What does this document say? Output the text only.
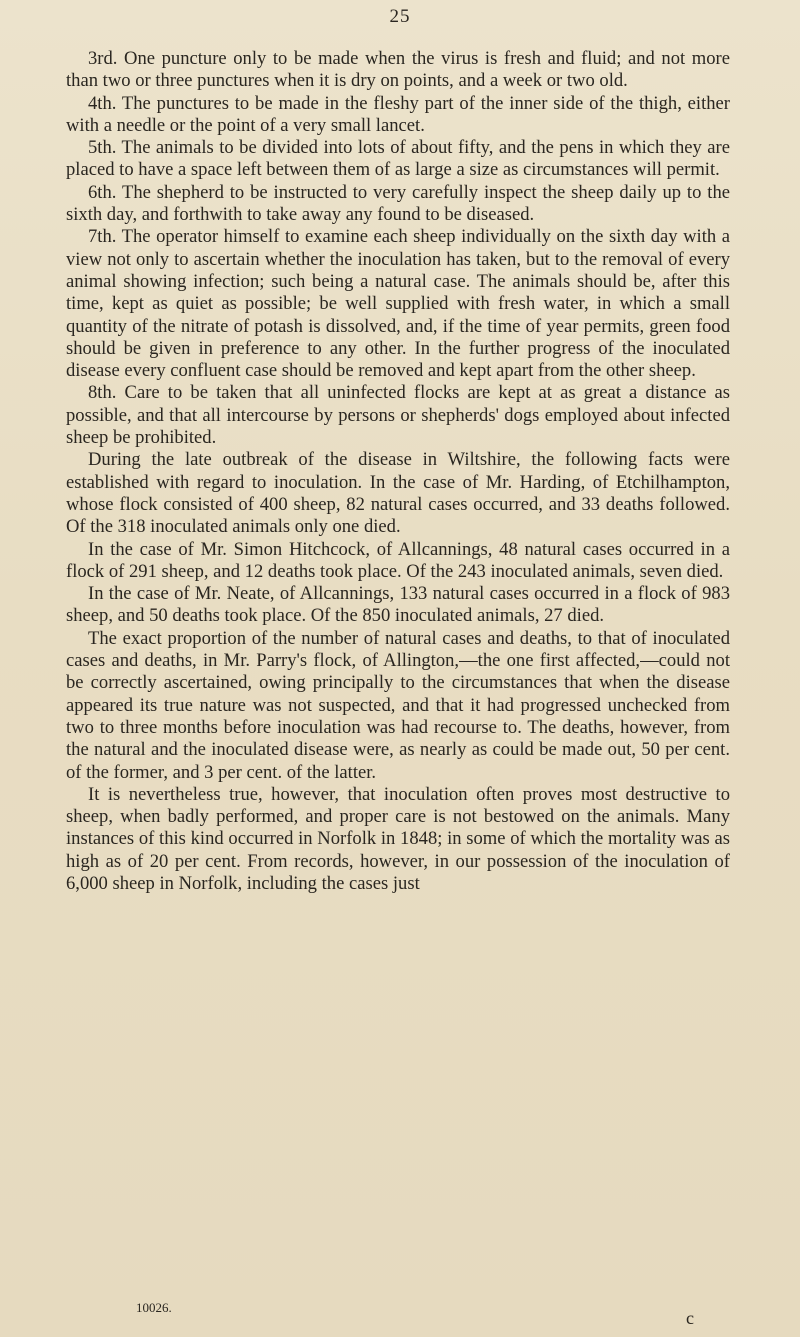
25

3rd. One puncture only to be made when the virus is fresh and fluid; and not more than two or three punctures when it is dry on points, and a week or two old.

4th. The punctures to be made in the fleshy part of the inner side of the thigh, either with a needle or the point of a very small lancet.

5th. The animals to be divided into lots of about fifty, and the pens in which they are placed to have a space left between them of as large a size as circumstances will permit.

6th. The shepherd to be instructed to very carefully inspect the sheep daily up to the sixth day, and forthwith to take away any found to be diseased.

7th. The operator himself to examine each sheep individually on the sixth day with a view not only to ascertain whether the inoculation has taken, but to the removal of every animal showing infection; such being a natural case. The animals should be, after this time, kept as quiet as possible; be well supplied with fresh water, in which a small quantity of the nitrate of potash is dissolved, and, if the time of year permits, green food should be given in preference to any other. In the further progress of the inoculated disease every confluent case should be removed and kept apart from the other sheep.

8th. Care to be taken that all uninfected flocks are kept at as great a distance as possible, and that all intercourse by persons or shepherds' dogs employed about infected sheep be prohibited.

During the late outbreak of the disease in Wiltshire, the following facts were established with regard to inoculation. In the case of Mr. Harding, of Etchilhampton, whose flock consisted of 400 sheep, 82 natural cases occurred, and 33 deaths followed. Of the 318 inoculated animals only one died.

In the case of Mr. Simon Hitchcock, of Allcannings, 48 natural cases occurred in a flock of 291 sheep, and 12 deaths took place. Of the 243 inoculated animals, seven died.

In the case of Mr. Neate, of Allcannings, 133 natural cases occurred in a flock of 983 sheep, and 50 deaths took place. Of the 850 inoculated animals, 27 died.

The exact proportion of the number of natural cases and deaths, to that of inoculated cases and deaths, in Mr. Parry's flock, of Allington,—the one first affected,—could not be correctly ascertained, owing principally to the circumstances that when the disease appeared its true nature was not suspected, and that it had progressed unchecked from two to three months before inoculation was had recourse to. The deaths, however, from the natural and the inoculated disease were, as nearly as could be made out, 50 per cent. of the former, and 3 per cent. of the latter.

It is nevertheless true, however, that inoculation often proves most destructive to sheep, when badly performed, and proper care is not bestowed on the animals. Many instances of this kind occurred in Norfolk in 1848; in some of which the mortality was as high as of 20 per cent. From records, however, in our possession of the inoculation of 6,000 sheep in Norfolk, including the cases just

10026.
c
